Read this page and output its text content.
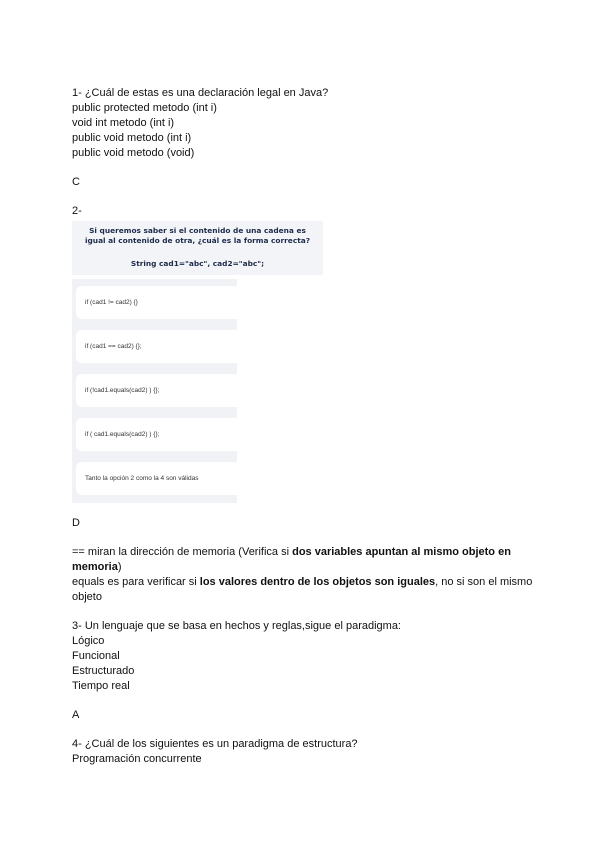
1- ¿Cuál de estas es una declaración legal en Java?
public protected metodo (int i)
void int metodo (int i)
public void metodo (int i)
public void metodo (void)
C
2-
D
== miran la dirección de memoria (Verifica si dos variables apuntan al mismo objeto en memoria)
equals es para verificar si los valores dentro de los objetos son iguales, no si son el mismo objeto
3- Un lenguaje que se basa en hechos y reglas,sigue el paradigma:
Lógico
Funcional
Estructurado
Tiempo real
A
4- ¿Cuál de los siguientes es un paradigma de estructura?
Programación concurrente
Si queremos saber si el contenido de una cadena es
igual al contenido de otra, ¿cuál es la forma correcta?
String cad1="abc", cad2="abc";
if (cad1 != cad2) {}
if (cad1 == cad2) {};
if (!cad1.equals(cad2) ) {};
if ( cad1.equals(cad2) ) {};
Tanto la opción 2 como la 4 son válidas
